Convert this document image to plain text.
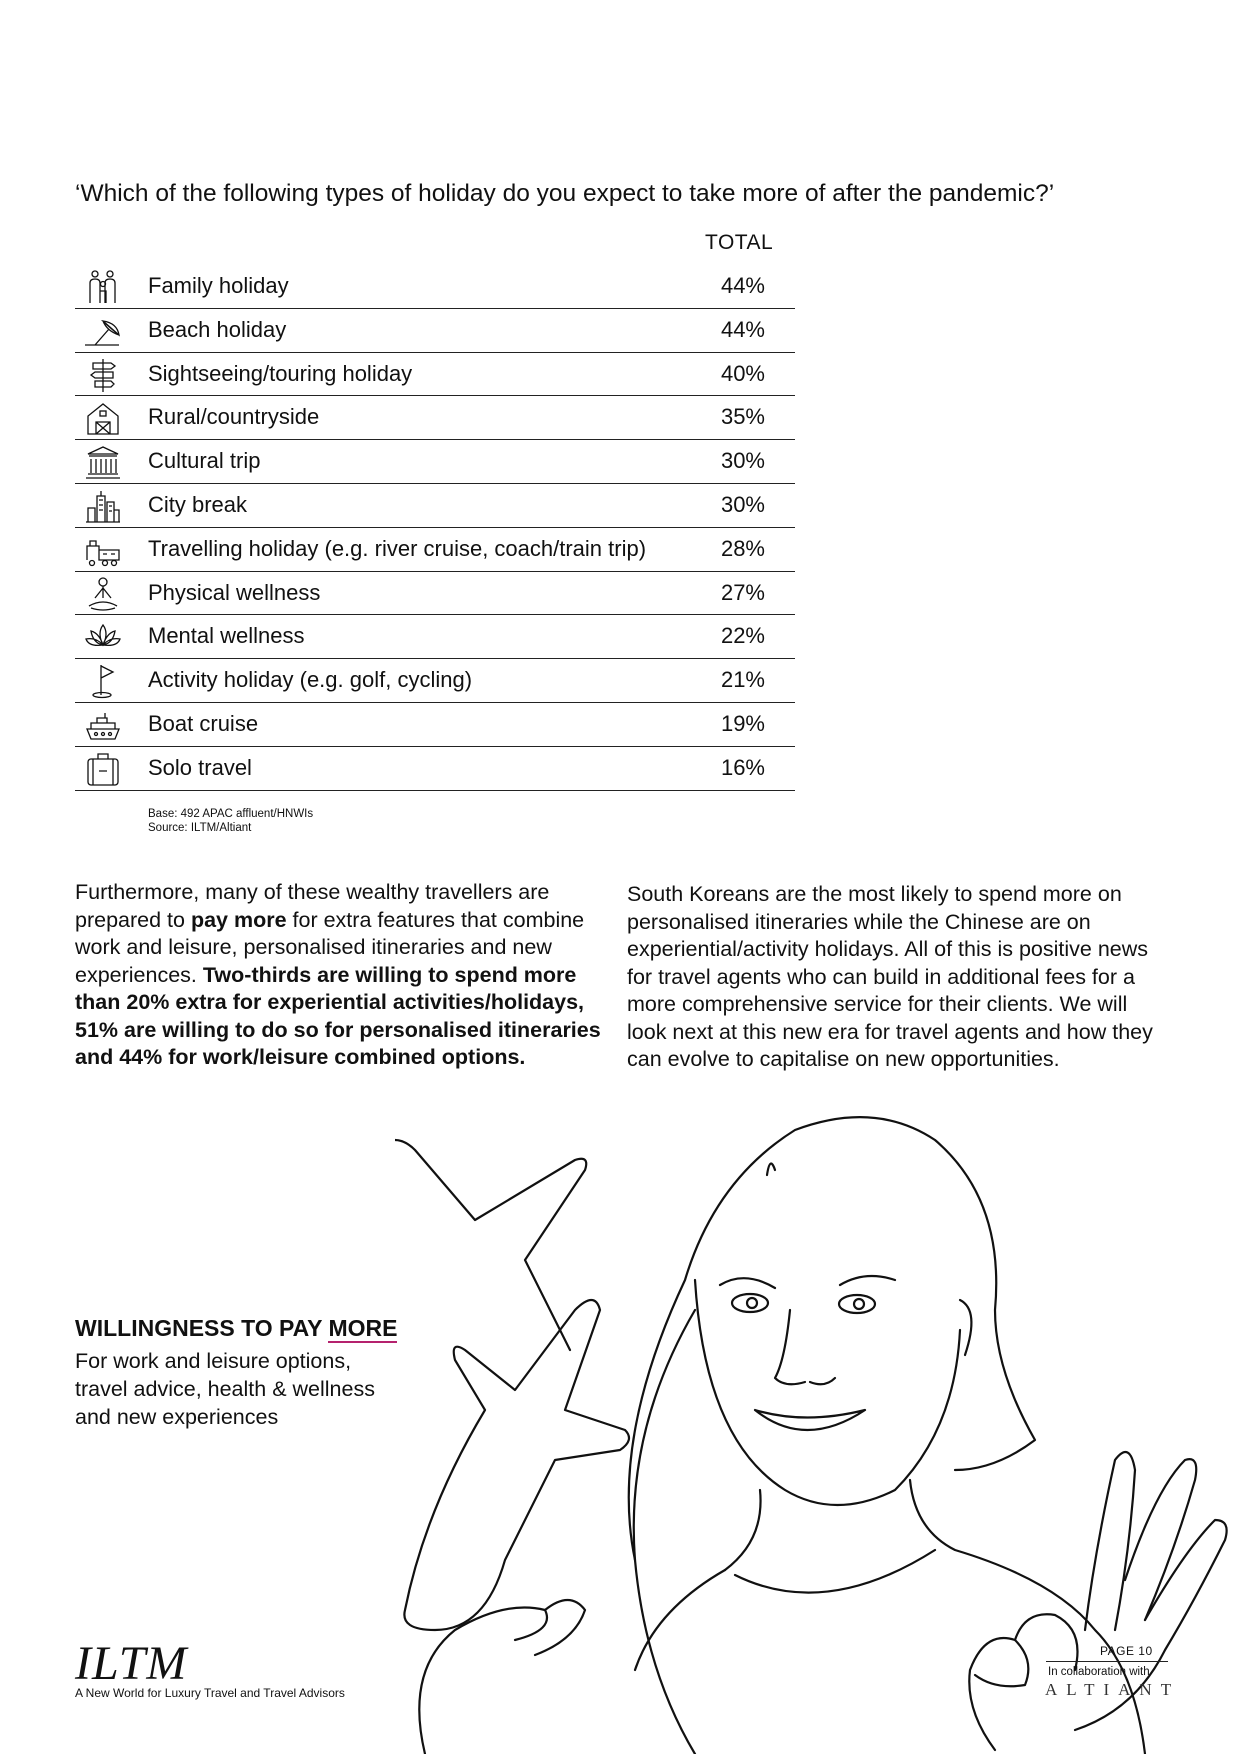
‘Which of the following types of holiday do you expect to take more of after the pandemic?’
TOTAL
Family holiday	44%
Beach holiday	44%
Sightseeing/touring holiday	40%
Rural/countryside	35%
Cultural trip	30%
City break	30%
Travelling holiday (e.g. river cruise, coach/train trip)	28%
Physical wellness	27%
Mental wellness	22%
Activity holiday (e.g. golf, cycling)	21%
Boat cruise	19%
Solo travel	16%
Base: 492 APAC affluent/HNWIs
Source: ILTM/Altiant
Furthermore, many of these wealthy travellers are prepared to pay more for extra features that combine work and leisure, personalised itineraries and new experiences. Two-thirds are willing to spend more than 20% extra for experiential activities/holidays, 51% are willing to do so for personalised itineraries and 44% for work/leisure combined options.
South Koreans are the most likely to spend more on personalised itineraries while the Chinese are on experiential/activity holidays. All of this is positive news for travel agents who can build in additional fees for a more comprehensive service for their clients. We will look next at this new era for travel agents and how they can evolve to capitalise on new opportunities.
WILLINGNESS TO PAY MORE
For work and leisure options, travel advice, health & wellness and new experiences
ILTM
A New World for Luxury Travel and Travel Advisors
PAGE 10
In collaboration with
ALTIANT
